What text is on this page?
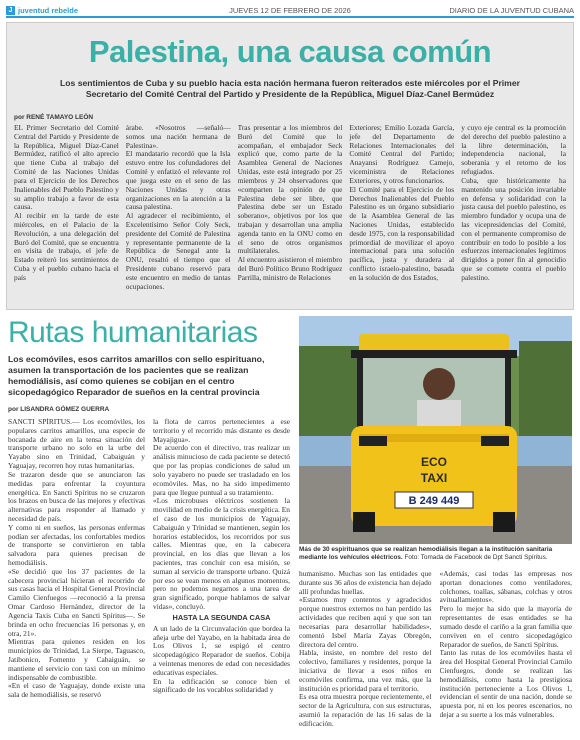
J juventud rebelde	JUEVES 12 DE FEBRERO DE 2026	DIARIO DE LA JUVENTUD CUBANA
Palestina, una causa común
Los sentimientos de Cuba y su pueblo hacia esta nación hermana fueron reiterados este miércoles por el Primer Secretario del Comité Central del Partido y Presidente de la República, Miguel Díaz-Canel Bermúdez
por RENÉ TAMAYO LEÓN
EL Primer Secretario del Comité Central del Partido y Presidente de la República, Miguel Díaz-Canel Bermúdez, ratificó el alto aprecio que tiene Cuba al trabajo del Comité de las Naciones Unidas para el Ejercicio de los Derechos Inalienables del Pueblo Palestino y su amplio trabajo a favor de esta causa.
Al recibir en la tarde de este miércoles, en el Palacio de la Revolución, a una delegación del Buró del Comité, que se encuentra en visita de trabajo, el jefe de Estado reiteró los sentimientos de Cuba y el pueblo cubano hacia el país
árabe. «Nosotros —señaló— somos una nación hermana de Palestina».
El mandatario recordó que la Isla estuvo entre los cofundadores del Comité y enfatizó el relevante rol que juega este en el seno de las Naciones Unidas y otras organizaciones en la atención a la causa palestina.
Al agradecer el recibimiento, el Excelentísimo Señor Coly Seck, presidente del Comité de Palestina y representante permanente de la República de Senegal ante la ONU, resaltó el tiempo que el Presidente cubano reservó para este encuentro en medio de tantas ocupaciones.
Tras presentar a los miembros del Buró del Comité que lo acompañan, el embajador Seck explicó que, como parte de la Asamblea General de Naciones Unidas, este está integrado por 25 miembros y 24 observadores que «comparten la opinión de que Palestina debe ser libre, que Palestina debe ser un Estado soberano», objetivos por los que trabajan y desarrollan una amplia agenda tanto en la ONU como en el seno de otros organismos multilaterales.
Al encuentro asistieron el miembro del Buró Político Bruno Rodríguez Parrilla, ministro de Relaciones
Exteriores; Emilio Lozada García, jefe del Departamento de Relaciones Internacionales del Comité Central del Partido; Anayansi Rodríguez Camejo, viceministra de Relaciones Exteriores, y otros funcionarios.
El Comité para el Ejercicio de los Derechos Inalienables del Pueblo Palestino es un órgano subsidiario de la Asamblea General de las Naciones Unidas, establecido desde 1975, con la responsabilidad primordial de movilizar el apoyo internacional para una solución pacífica, justa y duradera al conflicto israelo-palestino, basada en la solución de dos Estados,
y cuyo eje central es la promoción del derecho del pueblo palestino a la libre determinación, la independencia nacional, la soberanía y el retorno de los refugiados.
Cuba, que históricamente ha mantenido una posición invariable en defensa y solidaridad con la justa causa del pueblo palestino, es miembro fundador y ocupa una de las vicepresidencias del Comité, con el permanente compromiso de contribuir en todo lo posible a los esfuerzos internacionales legítimos dirigidos a poner fin al genocidio que se comete contra el pueblo palestino.
Rutas humanitarias
Los ecomóviles, esos carritos amarillos con sello espirituano, asumen la transportación de los pacientes que se realizan hemodiálisis, así como quienes se cobijan en el centro sicopedagógico Reparador de sueños en la central provincia
por LISANDRA GÓMEZ GUERRA
ECO
TAXI
B 249 449
Más de 30 espirituanos que se realizan hemodiálisis llegan a la institución sanitaria mediante los vehículos eléctricos. Foto: Tomada de Facebook de Dpt Sancti Spíritus.
SANCTI SPÍRITUS.— Los ecomóviles, los populares carritos amarillos, una especie de bocanada de aire en la tensa situación del transporte urbano no solo en la urbe del Yayabo sino en Trinidad, Cabaiguán y Yaguajay, recorren hoy rutas humanitarias.
Se trazaron desde que se anunciaron las medidas para enfrentar la coyuntura energética. En Sancti Spíritus no se cruzaron los brazos en busca de las mejores y efectivas alternativas para responder al llamado y necesidad de país.
Y como ni en sueños, las personas enfermas podían ser afectadas, los confortables medios de transporte se convirtieron en tabla salvadora para quienes precisan de hemodiálisis.
«Se decidió que los 37 pacientes de la cabecera provincial hicieran el recorrido de sus casas hacia el Hospital General Provincial Camilo Cienfuegos —reconoció a la prensa Omar Cardoso Hernández, director de la Agencia Taxis Cuba en Sancti Spíritus—. Se brinda en ocho frecuencias 16 personas y, en otra, 21».
Mientras para quienes residen en los municipios de Trinidad, La Sierpe, Taguasco, Jatibonico, Fomento y Cabaiguán, se mantiene el servicio con taxi con un mínimo indispensable de combustible.
«En el caso de Yaguajay, donde existe una sala de hemodiálisis, se reservó
la flota de carros pertenecientes a ese territorio y el recorrido más distante es desde Mayajigua».
De acuerdo con el directivo, tras realizar un análisis minucioso de cada paciente se detectó que por las propias condiciones de salud un solo yayabero no puede ser trasladado en los ecomóviles. Mas, no ha sido impedimento para que llegue puntual a su tratamiento.
«Los microbuses eléctricos sostienen la movilidad en medio de la crisis energética. En el caso de los municipios de Yaguajay, Cabaiguán y Trinidad se mantienen, según los horarios establecidos, los recorridos por sus calles. Mientras que, en la cabecera provincial, en los días que llevan a los pacientes, tras concluir con esa misión, se suman al servicio de transporte urbano. Quizá por eso se vean menos en algunos momentos, pero no podemos negarnos a una tarea de gran significado, porque hablamos de salvar vidas», concluyó.
HASTA LA SEGUNDA CASA
A un lado de la Circunvalación que bordea la añeja urbe del Yayabo, en la habitada área de Los Olivos 1, se espigó el centro sicopedagógico Reparador de sueños. Cobija a veintenas menores de edad con necesidades educativas especiales.
En la edificación se conoce bien el significado de los vocablos solidaridad y
humanismo. Muchas son las entidades que durante sus 36 años de existencia han dejado allí profundas huellas.
«Estamos muy contentos y agradecidos porque nuestros externos no han perdido las actividades que reciben aquí y que son tan necesarias para desarrollar habilidades», comentó Isbel María Zayas Obregón, directora del centro.
Habla, insiste, en nombre del resto del colectivo, familiares y residentes, porque la iniciativa de llevar a esos niños en ecomóviles confirma, una vez más, que la institución es prioridad para el territorio.
Es esa otra muestra porque recientemente, el sector de la Agricultura, con sus estructuras, asumió la reparación de las 16 salas de la edificación.
«Además, casi todas las empresas nos aportan donaciones como ventiladores, colchones, toallas, sábanas, colchas y otros avituallamientos».
Pero lo mejor ha sido que la mayoría de representantes de esas entidades se ha sumado desde el cariño a la gran familia que conviven en el centro sicopedagógico Reparador de sueños, de Sancti Spíritus.
Tanto las rutas de los ecomóviles hasta el área del Hospital General Provincial Camilo Cienfuegos, donde se realizan las hemodiálisis, como hasta la prestigiosa institución perteneciente a Los Olivos 1, evidencian el sentir de una nación, donde se apuesta por, ni en los peores escenarios, no dejar a su suerte a los más vulnerables.
